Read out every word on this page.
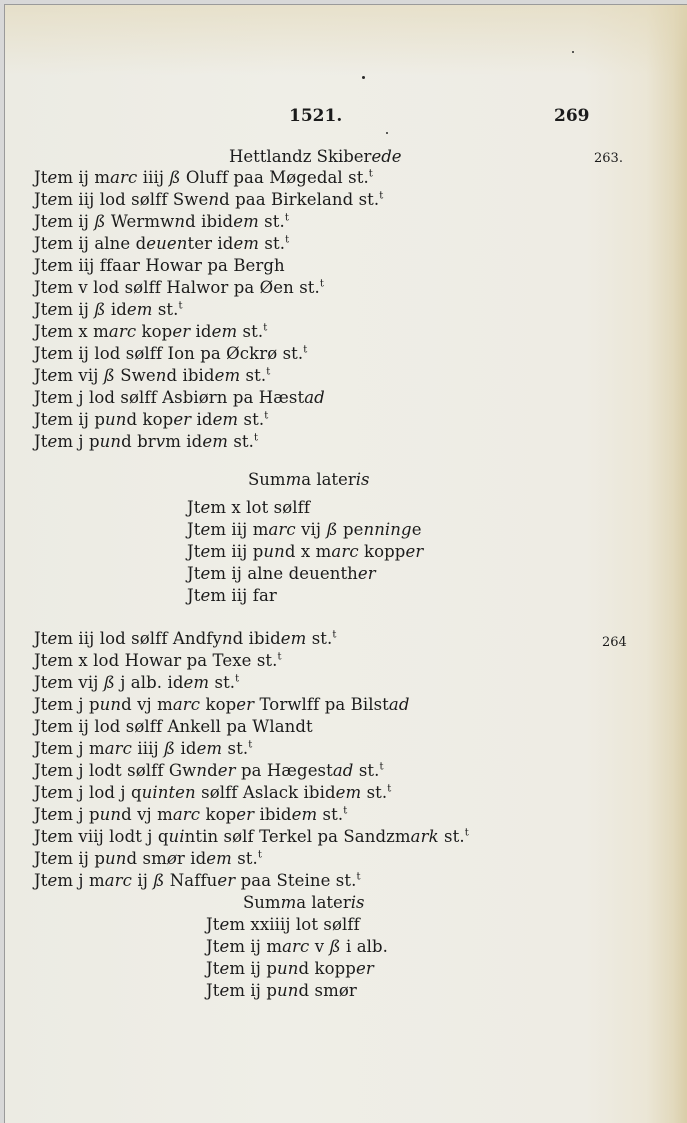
1521.	269
Hettlandz Skiberede	263.
Jtem ij marc iiij ß Oluff paa Møgedal st.$^t$
Jtem iij lod sølff Swend paa Birkeland st.$^t$
Jtem ij ß Wermwnd ibidem st.$^t$
Jtem ij alne deuenter idem st.$^t$
Jtem iij ffaar Howar pa Bergh
Jtem v lod sølff Halwor pa Øen st.$^t$
Jtem ij ß idem st.$^t$
Jtem x marc koper idem st.$^t$
Jtem ij lod sølff Ion pa Øckrø st.$^t$
Jtem vij ß Swend ibidem st.$^t$
Jtem j lod sølff Asbiørn pa Hæstad
Jtem ij pund koper idem st.$^t$
Jtem j pund brvm idem st.$^t$
Summa lateris
Jtem x lot sølff
Jtem iij marc vij ß penninge
Jtem iij pund x marc kopper
Jtem ij alne deuenther
Jtem iij far
264
Jtem iij lod sølff Andfynd ibidem st.$^t$
Jtem x lod Howar pa Texe st.$^t$
Jtem vij ß j alb. idem st.$^t$
Jtem j pund vj marc koper Torwlff pa Bilstad
Jtem ij lod sølff Ankell pa Wlandt
Jtem j marc iiij ß idem st.$^t$
Jtem j lodt sølff Gwnder pa Hægestad st.$^t$
Jtem j lod j quinten sølff Aslack ibidem st.$^t$
Jtem j pund vj marc koper ibidem st.$^t$
Jtem viij lodt j quintin sølf Terkel pa Sandzmark st.$^t$
Jtem ij pund smør idem st.$^t$
Jtem j marc ij ß Naffuer paa Steine st.$^t$
Summa lateris
Jtem xxiiij lot sølff
Jtem ij marc v ß i alb.
Jtem ij pund kopper
Jtem ij pund smør
